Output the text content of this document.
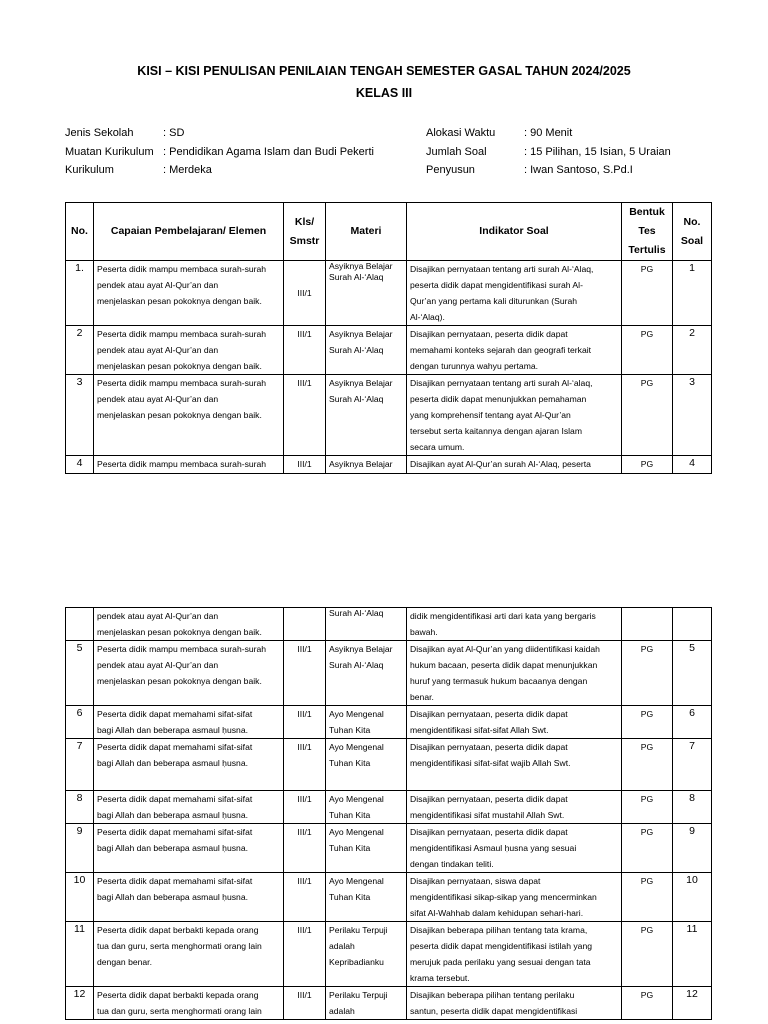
KISI – KISI PENULISAN PENILAIAN TENGAH SEMESTER GASAL TAHUN 2024/2025
KELAS III
Jenis Sekolah	: SD
Muatan Kurikulum : Pendidikan Agama Islam dan Budi Pekerti
Kurikulum	: Merdeka
Alokasi Waktu	: 90 Menit
Jumlah Soal	: 15 Pilihan, 15 Isian, 5 Uraian
Penyusun	: Iwan Santoso, S.Pd.I
No.	Capaian Pembelajaran/ Elemen	Kls/
Smstr	Materi	Indikator Soal	Bentuk
Tes
Tertulis	No.
Soal
1.	Peserta didik mampu membaca surah-surah
pendek atau ayat Al-Qur’an dan
menjelaskan pesan pokoknya dengan baik.	III/1	Asyiknya Belajar
Surah Al-‘Alaq	Disajikan pernyataan tentang arti surah Al-‘Alaq,
peserta didik dapat mengidentifikasi surah Al-
Qur’an yang pertama kali diturunkan (Surah
Al-‘Alaq).	PG	1
2	Peserta didik mampu membaca surah-surah
pendek atau ayat Al-Qur’an dan
menjelaskan pesan pokoknya dengan baik.	III/1	Asyiknya Belajar
Surah Al-‘Alaq	Disajikan pernyataan, peserta didik dapat
memahami konteks sejarah dan geografi terkait
dengan turunnya wahyu pertama.	PG	2
3	Peserta didik mampu membaca surah-surah
pendek atau ayat Al-Qur’an dan
menjelaskan pesan pokoknya dengan baik.	III/1	Asyiknya Belajar
Surah Al-‘Alaq	Disajikan pernyataan tentang arti surah Al-‘alaq,
peserta didik dapat menunjukkan pemahaman
yang komprehensif tentang ayat Al-Qur’an
tersebut serta kaitannya dengan ajaran Islam
secara umum.	PG	3
4	Peserta didik mampu membaca surah-surah	III/1	Asyiknya Belajar	Disajikan ayat Al-Qur’an surah Al-‘Alaq, peserta	PG	4
	pendek atau ayat Al-Qur’an dan
menjelaskan pesan pokoknya dengan baik.		Surah Al-‘Alaq	didik mengidentifikasi arti dari kata yang bergaris
bawah.		
5	Peserta didik mampu membaca surah-surah
pendek atau ayat Al-Qur’an dan
menjelaskan pesan pokoknya dengan baik.	III/1	Asyiknya Belajar
Surah Al-‘Alaq	Disajikan ayat Al-Qur’an yang diidentifikasi kaidah
hukum bacaan, peserta didik dapat menunjukkan
huruf yang termasuk hukum bacaanya dengan
benar.	PG	5
6	Peserta didik dapat memahami sifat-sifat
bagi Allah dan beberapa asmaul ḥusna.	III/1	Ayo Mengenal
Tuhan Kita	Disajikan pernyataan, peserta didik dapat
mengidentifikasi sifat-sifat Allah Swt.	PG	6
7	Peserta didik dapat memahami sifat-sifat
bagi Allah dan beberapa asmaul ḥusna.	III/1	Ayo Mengenal
Tuhan Kita	Disajikan pernyataan, peserta didik dapat
mengidentifikasi sifat-sifat wajib Allah Swt.	PG	7
8	Peserta didik dapat memahami sifat-sifat
bagi Allah dan beberapa asmaul ḥusna.	III/1	Ayo Mengenal
Tuhan Kita	Disajikan pernyataan, peserta didik dapat
mengidentifikasi sifat mustahil Allah Swt.	PG	8
9	Peserta didik dapat memahami sifat-sifat
bagi Allah dan beberapa asmaul ḥusna.	III/1	Ayo Mengenal
Tuhan Kita	Disajikan pernyataan, peserta didik dapat
mengidentifikasi Asmaul ḥusna yang sesuai
dengan tindakan teliti.	PG	9
10	Peserta didik dapat memahami sifat-sifat
bagi Allah dan beberapa asmaul ḥusna.	III/1	Ayo Mengenal
Tuhan Kita	Disajikan pernyataan, siswa dapat
mengidentifikasi sikap-sikap yang mencerminkan
sifat Al-Wahhab dalam kehidupan sehari-hari.	PG	10
11	Peserta didik dapat berbakti kepada orang
tua dan guru, serta menghormati orang lain
dengan benar.	III/1	Perilaku Terpuji
adalah
Kepribadianku	Disajikan beberapa pilihan tentang tata krama,
peserta didik dapat mengidentifikasi istilah yang
merujuk pada perilaku yang sesuai dengan tata
krama tersebut.	PG	11
12	Peserta didik dapat berbakti kepada orang
tua dan guru, serta menghormati orang lain	III/1	Perilaku Terpuji
adalah	Disajikan beberapa pilihan tentang perilaku
santun, peserta didik dapat mengidentifikasi	PG	12
